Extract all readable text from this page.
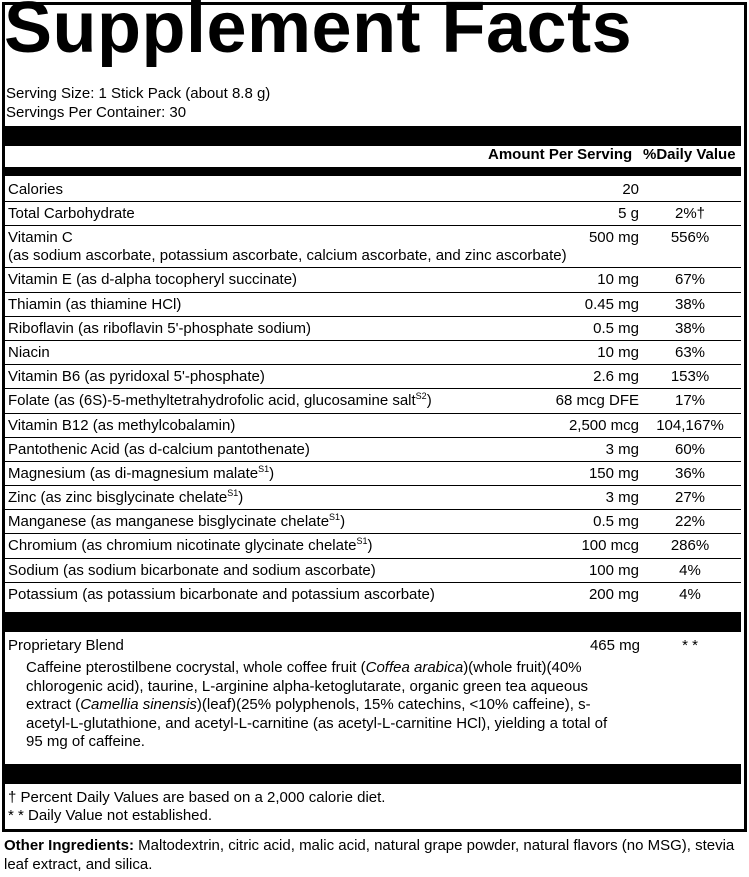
Supplement Facts
Serving Size: 1 Stick Pack (about 8.8 g)
Servings Per Container: 30
Amount Per Serving %Daily Value
Calories	20
Total Carbohydrate	5 g	2%†
Vitamin C
(as sodium ascorbate, potassium ascorbate, calcium ascorbate, and zinc ascorbate)
500 mg	556%
Vitamin E (as d-alpha tocopheryl succinate)	10 mg	67%
Thiamin (as thiamine HCl)	0.45 mg	38%
Riboflavin (as riboflavin 5'-phosphate sodium)	0.5 mg	38%
Niacin	10 mg	63%
Vitamin B6 (as pyridoxal 5'-phosphate)	2.6 mg	153%
Folate (as (6S)-5-methyltetrahydrofolic acid, glucosamine salt$^{S2}$)	68 mcg DFE	17%
Vitamin B12 (as methylcobalamin)	2,500 mcg	104,167%
Pantothenic Acid (as d-calcium pantothenate)	3 mg	60%
Magnesium (as di-magnesium malate$^{S1}$)	150 mg	36%
Zinc (as zinc bisglycinate chelate$^{S1}$)	3 mg	27%
Manganese (as manganese bisglycinate chelate$^{S1}$)	0.5 mg	22%
Chromium (as chromium nicotinate glycinate chelate$^{S1}$)	100 mcg	286%
Sodium (as sodium bicarbonate and sodium ascorbate)	100 mg	4%
Potassium (as potassium bicarbonate and potassium ascorbate)	200 mg	4%
Proprietary Blend	465 mg	* *
Caffeine pterostilbene cocrystal, whole coffee fruit (Coffea arabica)(whole fruit)(40% chlorogenic acid), taurine, L-arginine alpha-ketoglutarate, organic green tea aqueous extract (Camellia sinensis)(leaf)(25% polyphenols, 15% catechins, <10% caffeine), s-acetyl-L-glutathione, and acetyl-L-carnitine (as acetyl-L-carnitine HCl), yielding a total of 95 mg of caffeine.
† Percent Daily Values are based on a 2,000 calorie diet.
* * Daily Value not established.
Other Ingredients: Maltodextrin, citric acid, malic acid, natural grape powder, natural flavors (no MSG), stevia leaf extract, and silica.
